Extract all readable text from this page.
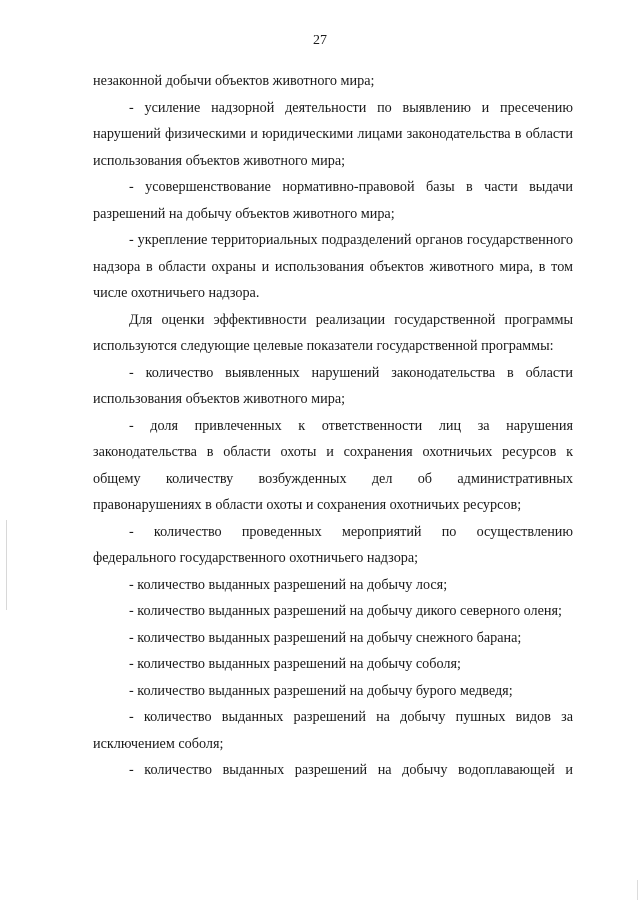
27

незаконной добычи объектов животного мира;

- усиление надзорной деятельности по выявлению и пресечению нарушений физическими и юридическими лицами законодательства в области использования объектов животного мира;

- усовершенствование нормативно-правовой базы в части выдачи разрешений на добычу объектов животного мира;

- укрепление территориальных подразделений органов государственного надзора в области охраны и использования объектов животного мира, в том числе охотничьего надзора.

Для оценки эффективности реализации государственной программы используются следующие целевые показатели государственной программы:

- количество выявленных нарушений законодательства в области использования объектов животного мира;

- доля привлеченных к ответственности лиц за нарушения законодательства в области охоты и сохранения охотничьих ресурсов к общему количеству возбужденных дел об административных правонарушениях в области охоты и сохранения охотничьих ресурсов;

- количество проведенных мероприятий по осуществлению федерального государственного охотничьего надзора;

- количество выданных разрешений на добычу лося;

- количество выданных разрешений на добычу дикого северного оленя;

- количество выданных разрешений на добычу снежного барана;

- количество выданных разрешений на добычу соболя;

- количество выданных разрешений на добычу бурого медведя;

- количество выданных разрешений на добычу пушных видов за исключением соболя;

- количество выданных разрешений на добычу водоплавающей и
